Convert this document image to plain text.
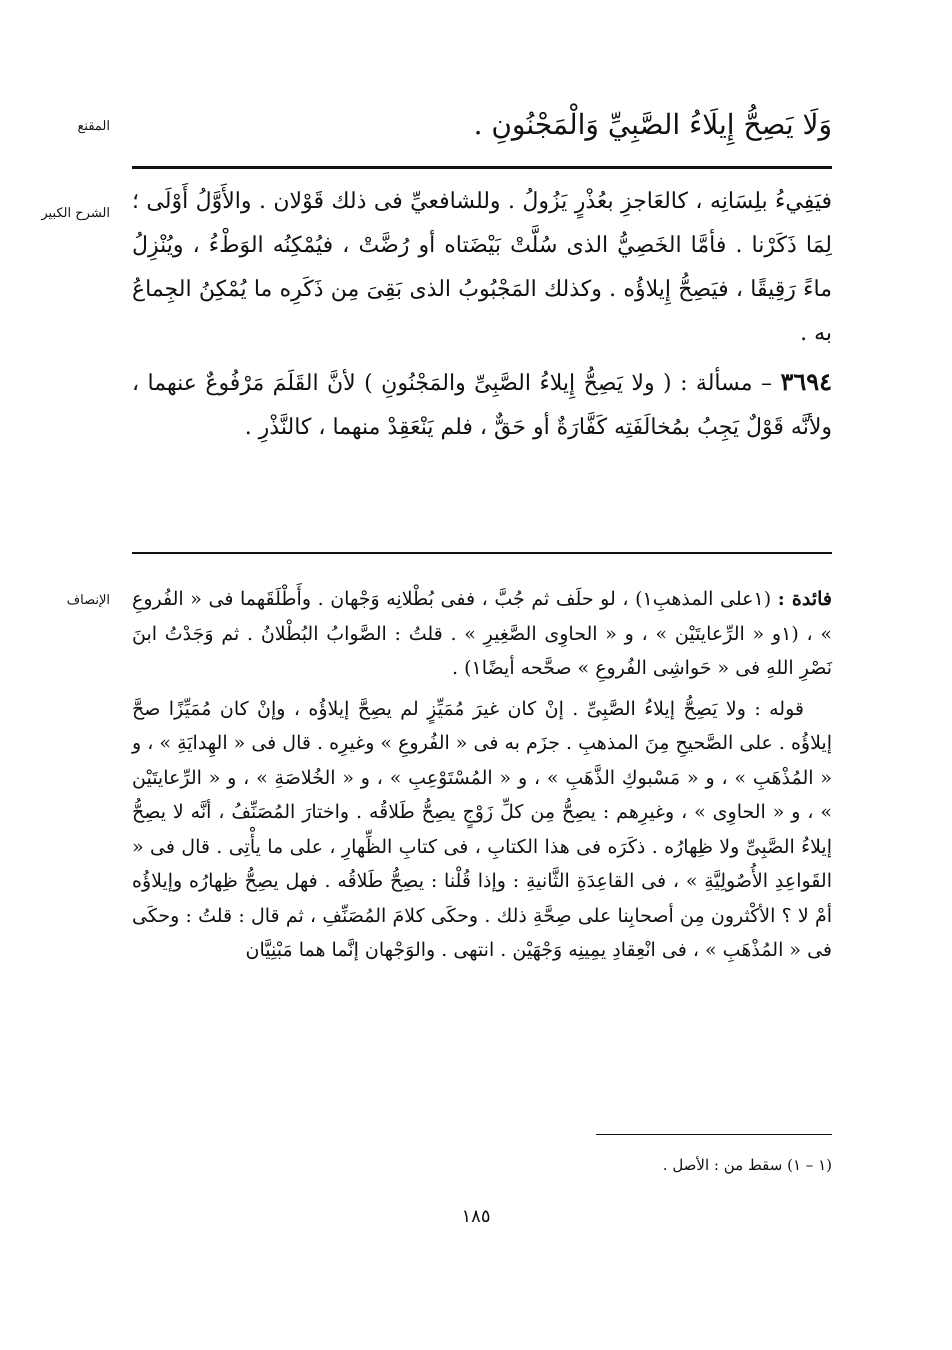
المقنع
الشرح الكبير
الإنصاف
وَلَا يَصِحُّ إِيلَاءُ الصَّبِيِّ وَالْمَجْنُونِ .

فيَفِيءُ بلِسَانِه ، كالعَاجزِ بعُذْرٍ يَزُولُ . وللشافعيِّ فى ذلك قَوْلان . والأَوَّلُ أَوْلَى ؛ لِمَا ذَكَرْنا . فأمَّا الخَصِيُّ الذى سُلَّتْ بَيْضَتاه أو رُضَّتْ ، فيُمْكِنُه الوَطْءُ ، ويُنْزِلُ ماءً رَقِيقًا ، فيَصِحُّ إِيلاؤُه . وكذلك المَجْبُوبُ الذى بَقِىَ مِن ذَكَرِه ما يُمْكِنُ الجِماعُ به .

٣٦٩٤ – مسألة : ( ولا يَصِحُّ إِيلاءُ الصَّبِىِّ والمَجْنُونِ ) لأنَّ القَلَمَ مَرْفُوعٌ عنهما ، ولأنَّه قَوْلٌ يَجِبُ بمُخالَفَتِه كَفَّارَةٌ أو حَقٌّ ، فلم يَنْعَقِدْ منهما ، كالنَّذْرِ .

فائدة : (١على المذهبِ١) ، لو حلَف ثم جُبَّ ، ففى بُطْلانِه وَجْهان . وأَطْلَقَهما فى « الفُروعِ » ، (١و « الرِّعايتَيْن » ، و « الحاوِى الصَّغِيرِ » . قلتُ : الصَّوابُ البُطْلانُ . ثم وَجَدْتُ ابنَ نَصْرِ اللهِ فى « حَواشِى الفُروعِ » صحَّحه أيضًا١) .

قوله : ولا يَصِحُّ إيلاءُ الصَّبِىِّ . إنْ كان غيرَ مُمَيِّزٍ لم يصِحَّ إيلاؤُه ، وإنْ كان مُمَيِّزًا صحَّ إيلاؤُه . على الصَّحيحِ مِنَ المذهبِ . جزَم به فى « الفُروعِ » وغيرِه . قال فى « الهِدايَةِ » ، و « المُذْهَبِ » ، و « مَسْبوكِ الذَّهَبِ » ، و « المُسْتَوْعِبِ » ، و « الخُلاصَةِ » ، و « الرِّعايتَيْن » ، و « الحاوِى » ، وغيرِهم : يصِحُّ مِن كلِّ زَوْجٍ يصِحُّ طَلاقُه . واختارَ المُصَنِّفُ ، أنَّه لا يصِحُّ إيلاءُ الصَّبِىِّ ولا ظِهارُه . ذكَرَه فى هذا الكتابِ ، فى كتابِ الظِّهارِ ، على ما يأْتِى . قال فى « القَواعِدِ الأُصُولِيَّةِ » ، فى القاعِدَةِ الثَّانيةِ : وإذا قُلْنا : يصِحُّ طَلاقُه . فهل يصِحُّ ظِهارُه وإيلاؤُه أمْ لا ؟ الأكْثرون مِن أصحابِنا على صِحَّةِ ذلك . وحكَى كلامَ المُصَنِّفِ ، ثم قال : قلتُ : وحكَى فى « المُذْهَبِ » ، فى انْعِقادِ يمِينِه وَجْهَيْن . انتهى . والوَجْهان إنَّما هما مَبْنِيَّان

(١ – ١) سقط من : الأصل .
١٨٥
